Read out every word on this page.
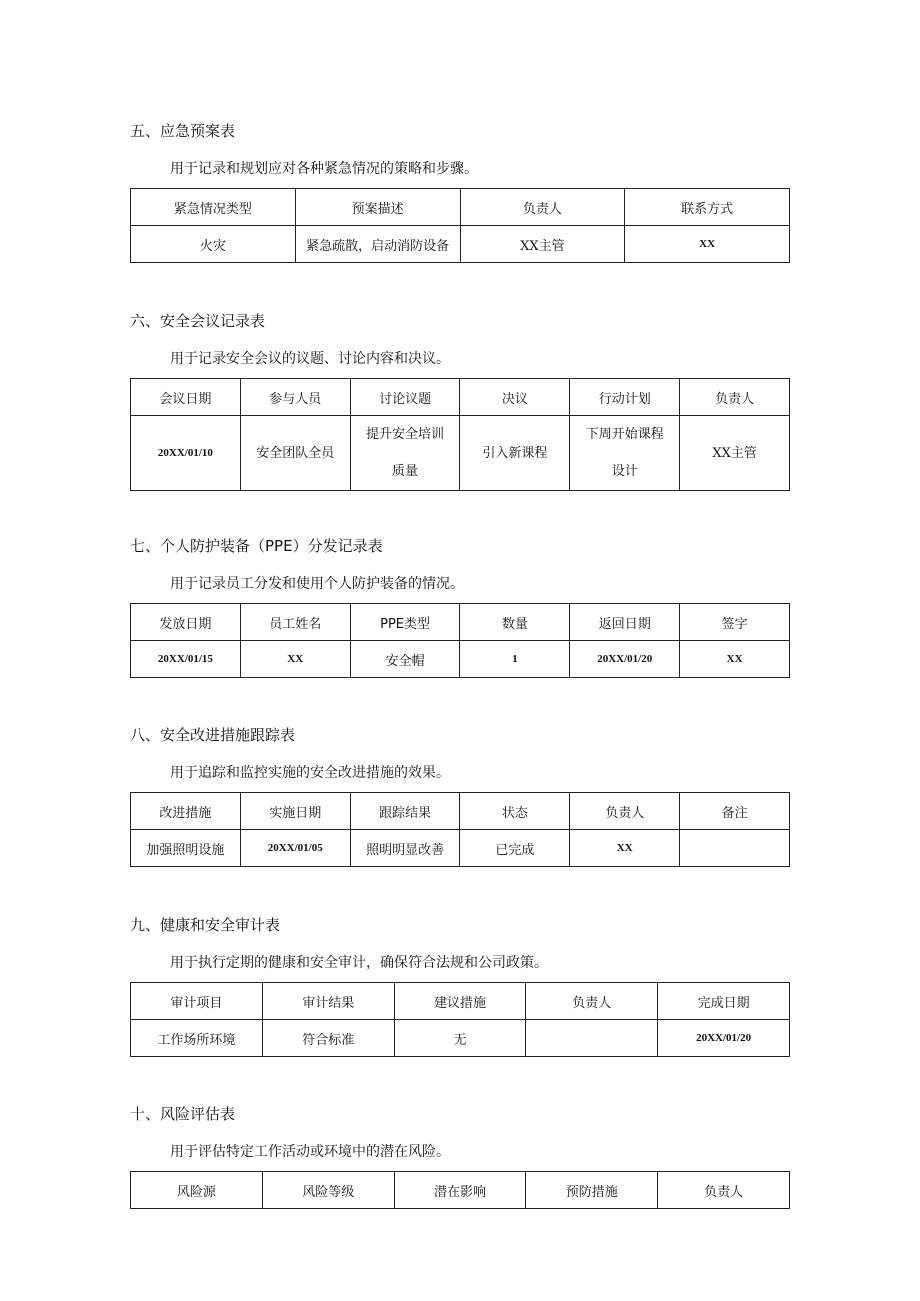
五、应急预案表
用于记录和规划应对各种紧急情况的策略和步骤。
紧急情况类型	预案描述	负责人	联系方式
火灾	紧急疏散，启动消防设备	XX主管	XX
六、安全会议记录表
用于记录安全会议的议题、讨论内容和决议。
会议日期	参与人员	讨论议题	决议	行动计划	负责人
20XX/01/10	安全团队全员	提升安全培训质量	引入新课程	下周开始课程设计	XX主管
七、个人防护装备（PPE）分发记录表
用于记录员工分发和使用个人防护装备的情况。
发放日期	员工姓名	PPE类型	数量	返回日期	签字
20XX/01/15	XX	安全帽	1	20XX/01/20	XX
八、安全改进措施跟踪表
用于追踪和监控实施的安全改进措施的效果。
改进措施	实施日期	跟踪结果	状态	负责人	备注
加强照明设施	20XX/01/05	照明明显改善	已完成	XX	
九、健康和安全审计表
用于执行定期的健康和安全审计，确保符合法规和公司政策。
审计项目	审计结果	建议措施	负责人	完成日期
工作场所环境	符合标准	无		20XX/01/20
十、风险评估表
用于评估特定工作活动或环境中的潜在风险。
风险源	风险等级	潜在影响	预防措施	负责人
